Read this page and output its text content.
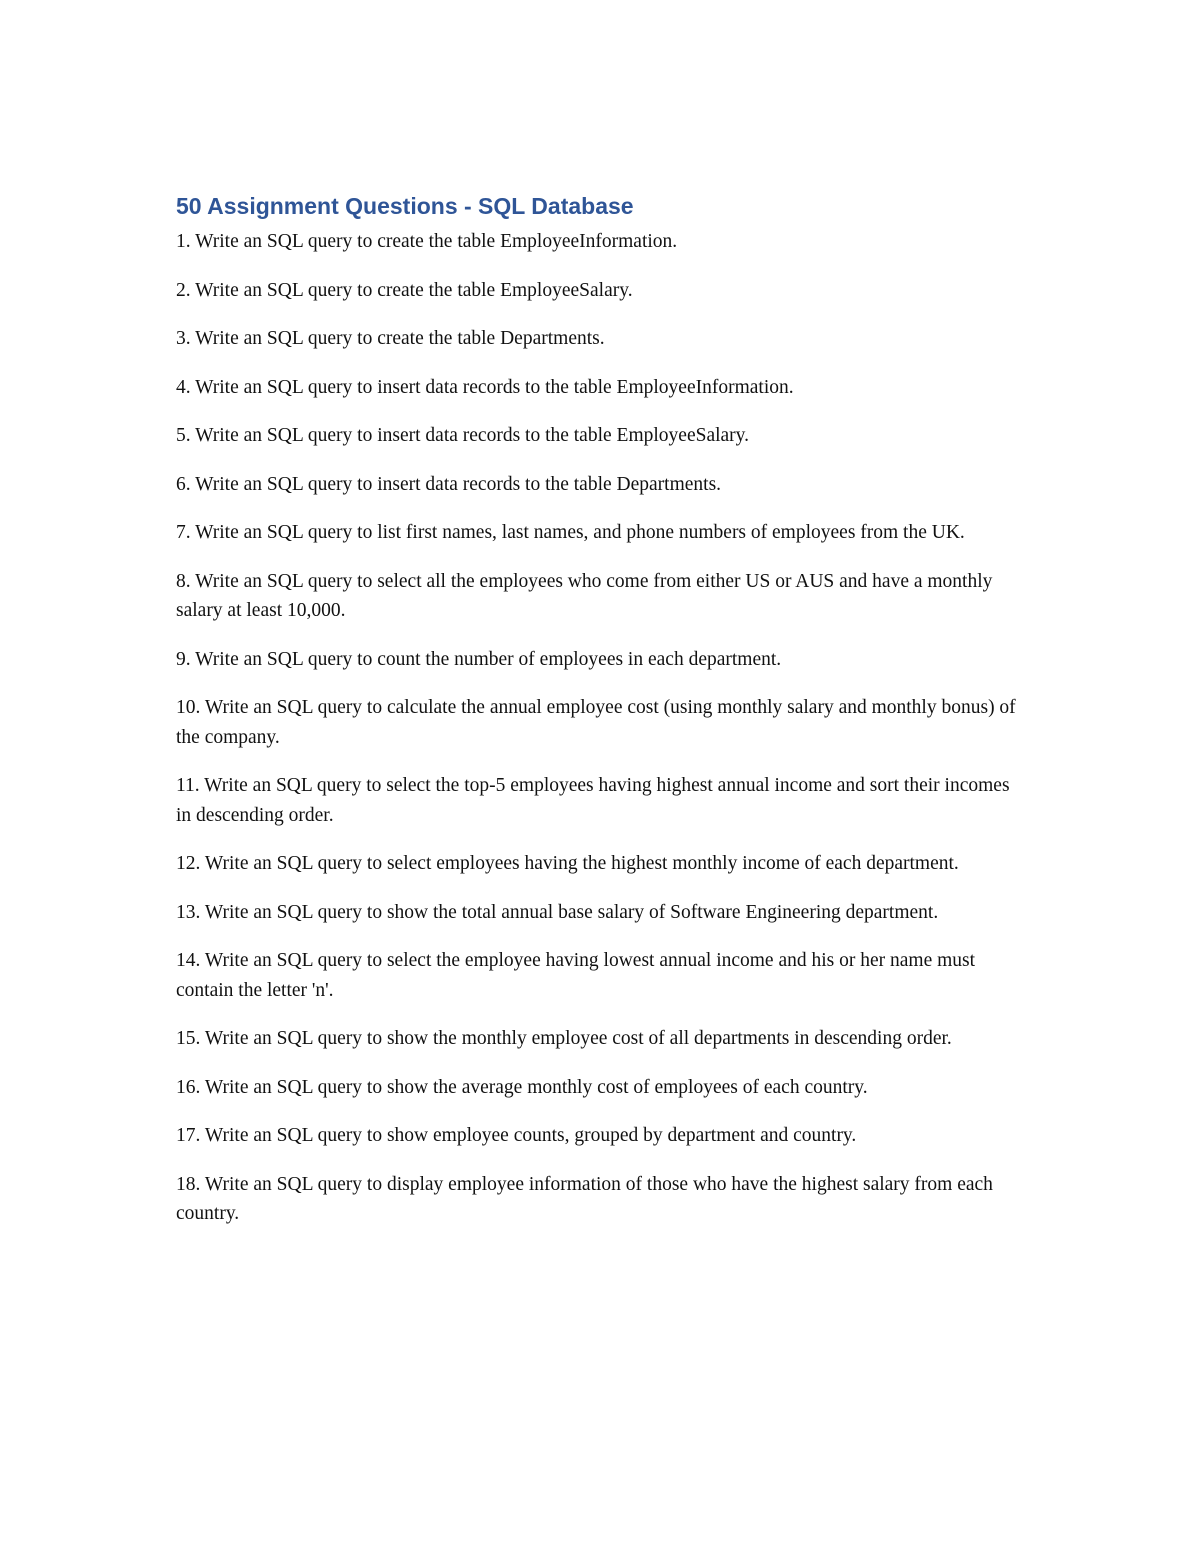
50 Assignment Questions - SQL Database
1. Write an SQL query to create the table EmployeeInformation.
2. Write an SQL query to create the table EmployeeSalary.
3. Write an SQL query to create the table Departments.
4. Write an SQL query to insert data records to the table EmployeeInformation.
5. Write an SQL query to insert data records to the table EmployeeSalary.
6. Write an SQL query to insert data records to the table Departments.
7. Write an SQL query to list first names, last names, and phone numbers of employees from the UK.
8. Write an SQL query to select all the employees who come from either US or AUS and have a monthly salary at least 10,000.
9. Write an SQL query to count the number of employees in each department.
10. Write an SQL query to calculate the annual employee cost (using monthly salary and monthly bonus) of the company.
11. Write an SQL query to select the top-5 employees having highest annual income and sort their incomes in descending order.
12. Write an SQL query to select employees having the highest monthly income of each department.
13. Write an SQL query to show the total annual base salary of Software Engineering department.
14. Write an SQL query to select the employee having lowest annual income and his or her name must contain the letter 'n'.
15. Write an SQL query to show the monthly employee cost of all departments in descending order.
16. Write an SQL query to show the average monthly cost of employees of each country.
17. Write an SQL query to show employee counts, grouped by department and country.
18. Write an SQL query to display employee information of those who have the highest salary from each country.
